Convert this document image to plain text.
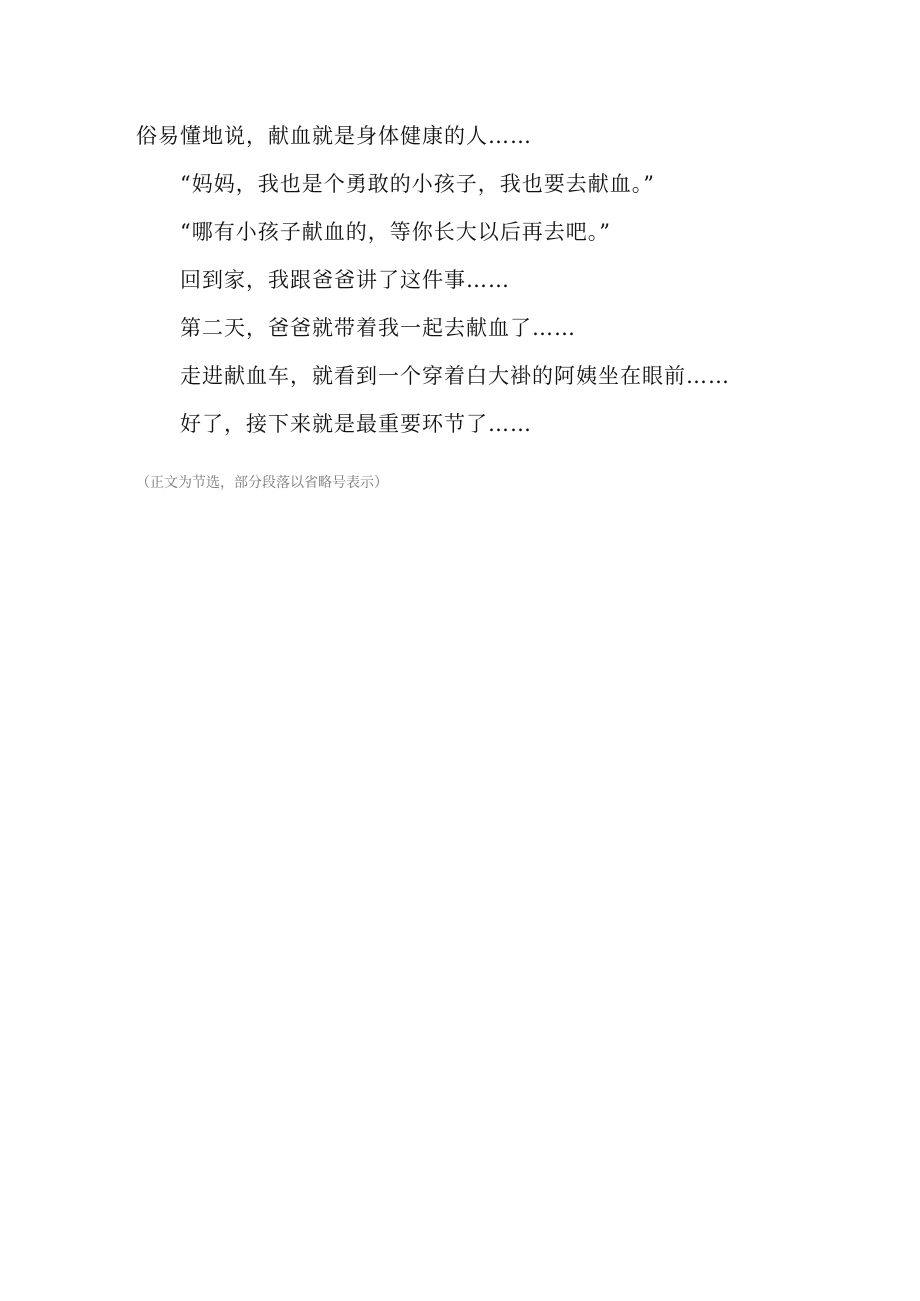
俗易懂地说，献血就是身体健康的人……

“妈妈，我也是个勇敢的小孩子，我也要去献血。”

“哪有小孩子献血的，等你长大以后再去吧。”

回到家，我跟爸爸讲了这件事……

第二天，爸爸就带着我一起去献血了……

走进献血车，就看到一个穿着白大褂的阿姨坐在眼前……

好了，接下来就是最重要环节了……

（正文为节选，部分段落以省略号表示）
